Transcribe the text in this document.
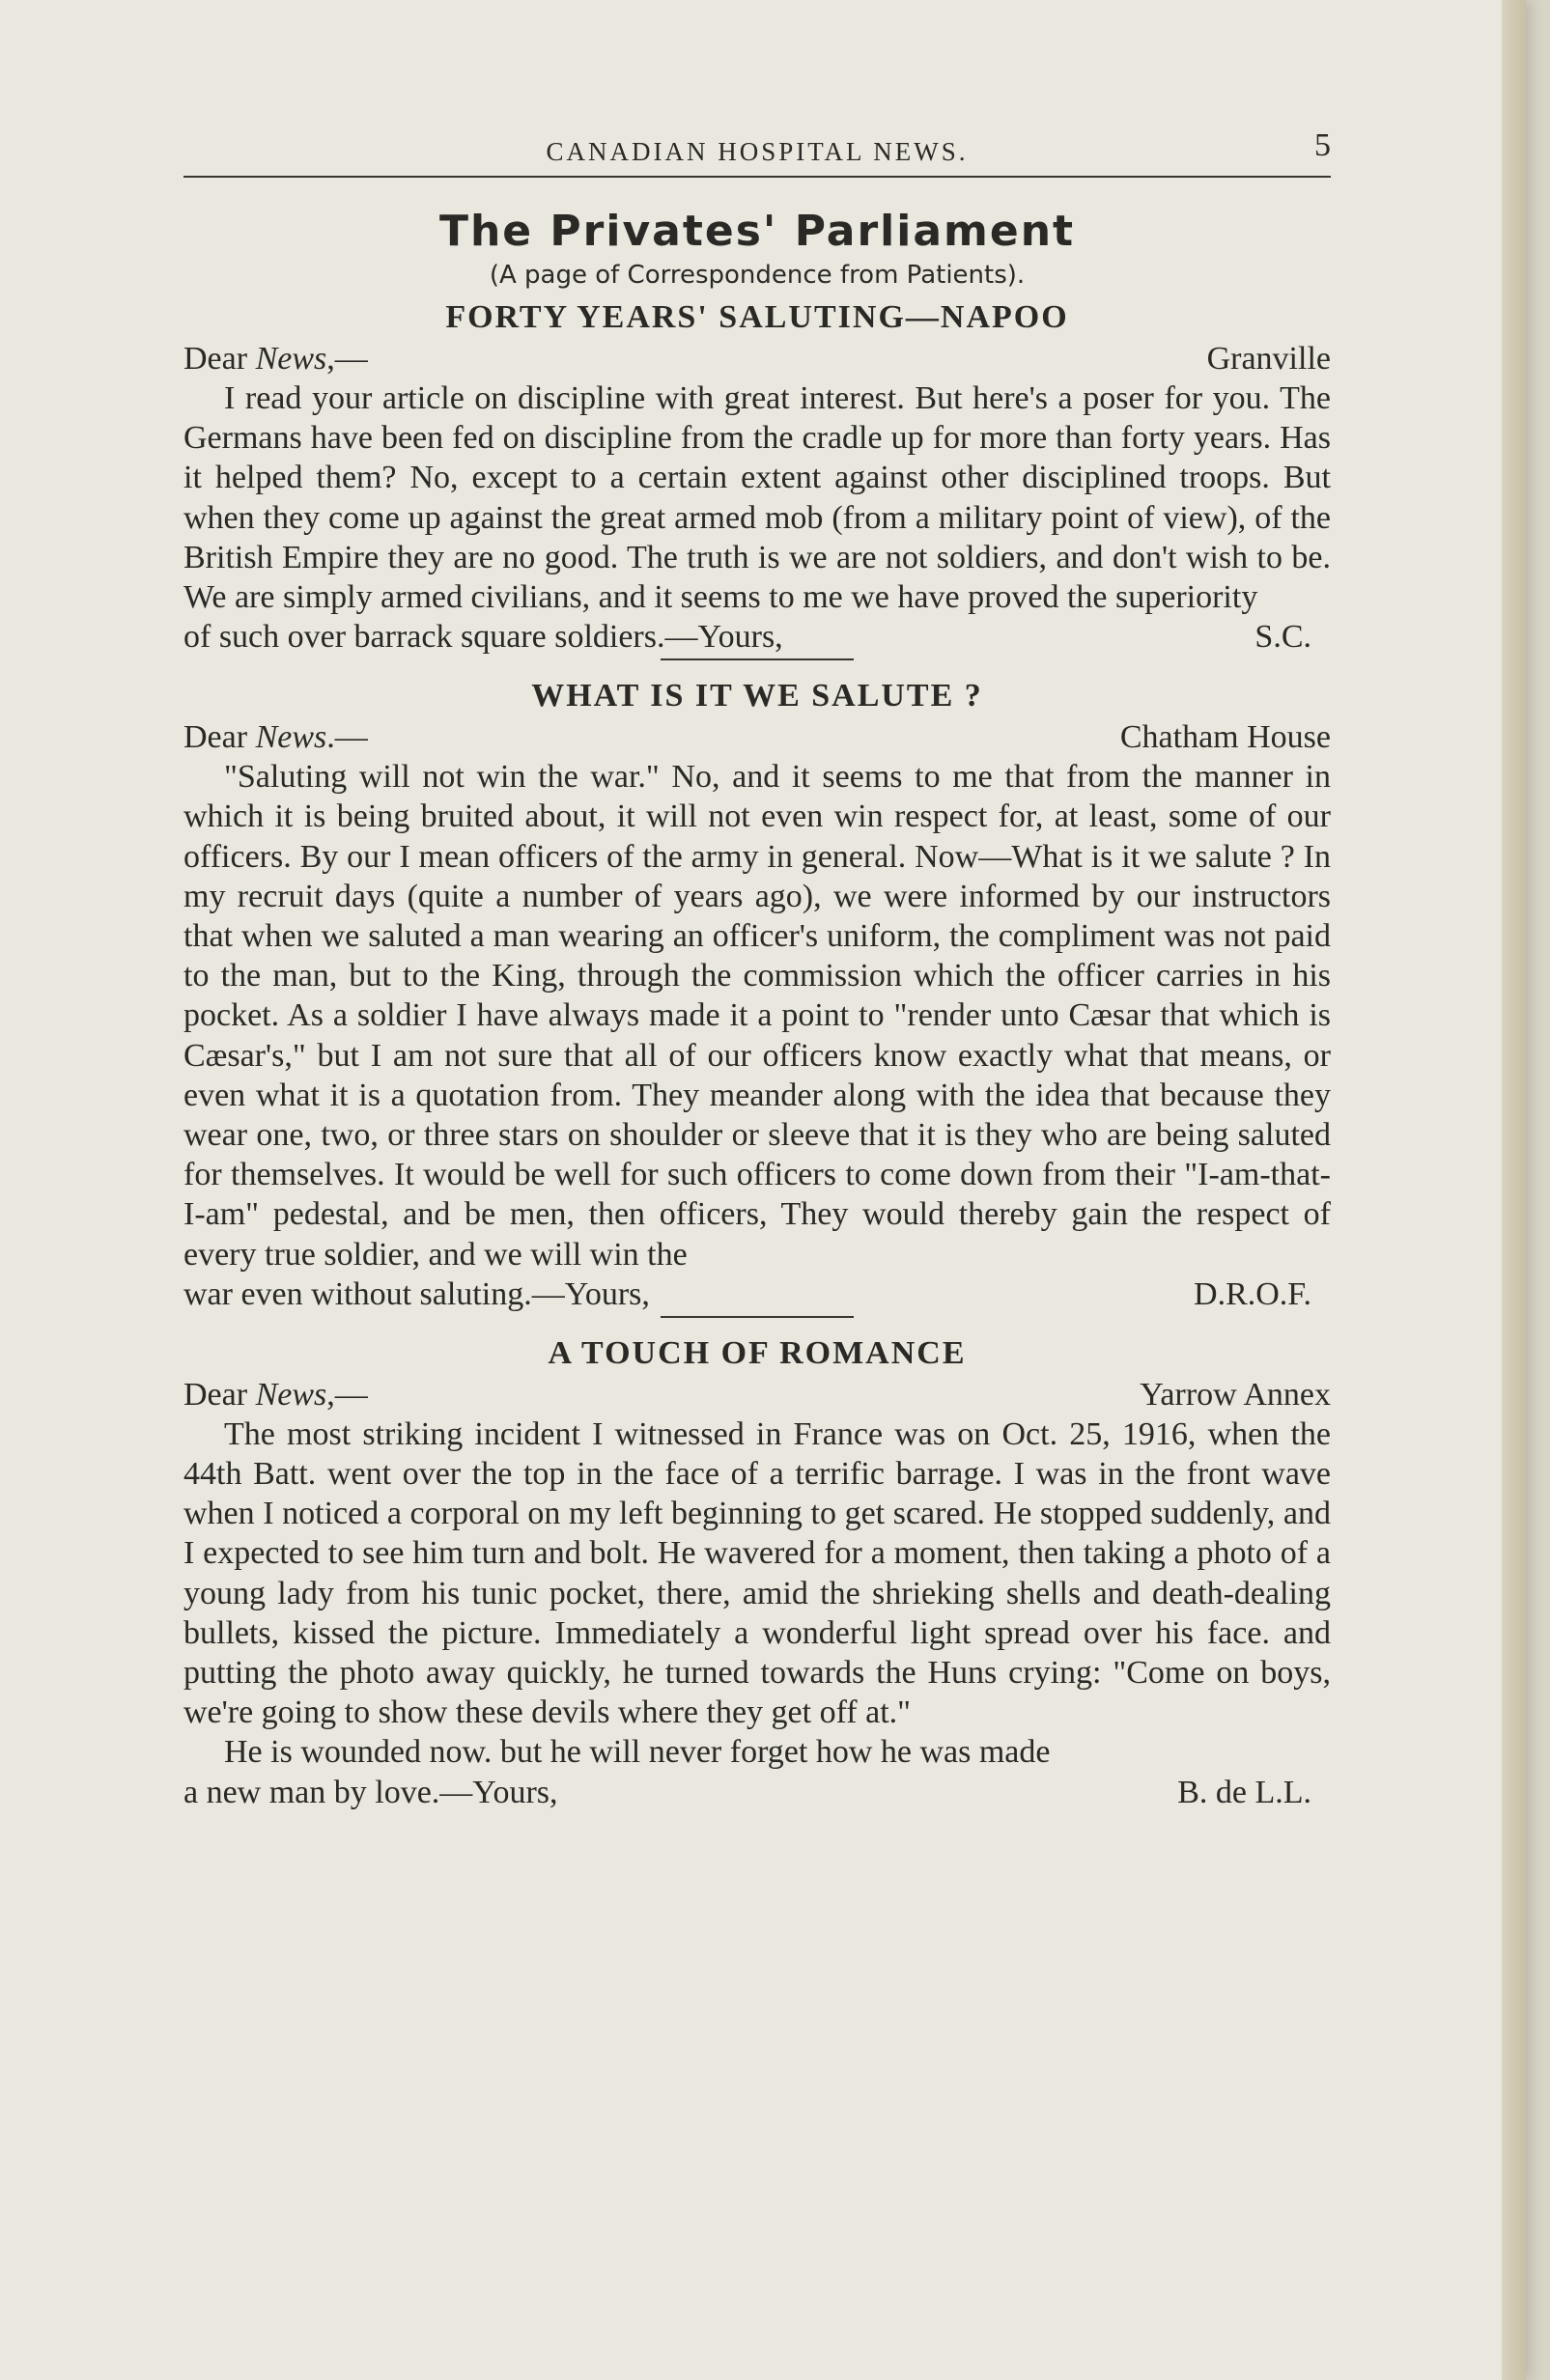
CANADIAN HOSPITAL NEWS.	5
The Privates' Parliament

(A page of Correspondence from Patients).

FORTY YEARS' SALUTING—NAPOO
Dear News,—	Granville

I read your article on discipline with great interest. But here's a poser for you. The Germans have been fed on discipline from the cradle up for more than forty years. Has it helped them? No, except to a certain extent against other disciplined troops. But when they come up against the great armed mob (from a military point of view), of the British Empire they are no good. The truth is we are not soldiers, and don't wish to be. We are simply armed civilians, and it seems to me we have proved the superiority

of such over barrack square soldiers.—Yours,	S.C.
WHAT IS IT WE SALUTE ?
Dear News.—	Chatham House

"Saluting will not win the war." No, and it seems to me that from the manner in which it is being bruited about, it will not even win respect for, at least, some of our officers. By our I mean officers of the army in general. Now—What is it we salute ? In my recruit days (quite a number of years ago), we were informed by our instructors that when we saluted a man wearing an officer's uniform, the compliment was not paid to the man, but to the King, through the commission which the officer carries in his pocket. As a soldier I have always made it a point to "render unto Cæsar that which is Cæsar's," but I am not sure that all of our officers know exactly what that means, or even what it is a quotation from. They meander along with the idea that because they wear one, two, or three stars on shoulder or sleeve that it is they who are being saluted for themselves. It would be well for such officers to come down from their "I-am-that-I-am" pedestal, and be men, then officers, They would thereby gain the respect of every true soldier, and we will win the

war even without saluting.—Yours,	D.R.O.F.
A TOUCH OF ROMANCE
Dear News,—	Yarrow Annex

The most striking incident I witnessed in France was on Oct. 25, 1916, when the 44th Batt. went over the top in the face of a terrific barrage. I was in the front wave when I noticed a corporal on my left beginning to get scared. He stopped suddenly, and I expected to see him turn and bolt. He wavered for a moment, then taking a photo of a young lady from his tunic pocket, there, amid the shrieking shells and death-dealing bullets, kissed the picture. Immediately a wonderful light spread over his face. and putting the photo away quickly, he turned towards the Huns crying: "Come on boys, we're going to show these devils where they get off at."

He is wounded now. but he will never forget how he was made

a new man by love.—Yours,	B. de L.L.
